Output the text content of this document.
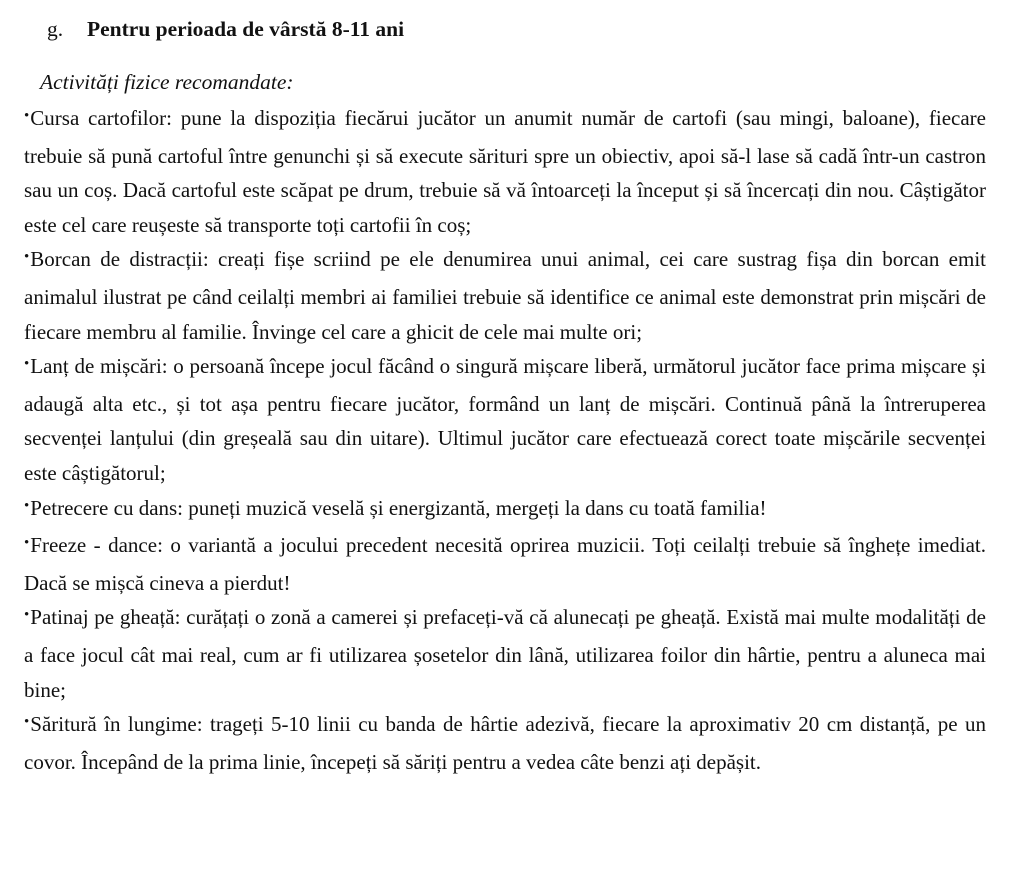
g. Pentru perioada de vârstă 8-11 ani
Activități fizice recomandate:

•Cursa cartofilor: pune la dispoziția fiecărui jucător un anumit număr de cartofi (sau mingi, baloane), fiecare trebuie să pună cartoful între genunchi și să execute sărituri spre un obiectiv, apoi să-l lase să cadă într-un castron sau un coș. Dacă cartoful este scăpat pe drum, trebuie să vă întoarceți la început și să încercați din nou. Câștigător este cel care reușeste să transporte toți cartofii în coș;

•Borcan de distracții: creați fișe scriind pe ele denumirea unui animal, cei care sustrag fișa din borcan emit animalul ilustrat pe când ceilalți membri ai familiei trebuie să identifice ce animal este demonstrat prin mișcări de fiecare membru al familie. Învinge cel care a ghicit de cele mai multe ori;

•Lanț de mișcări: o persoană începe jocul făcând o singură mișcare liberă, următorul jucător face prima mișcare și adaugă alta etc., și tot așa pentru fiecare jucător, formând un lanț de mișcări. Continuă până la întreruperea secvenței lanțului (din greșeală sau din uitare). Ultimul jucător care efectuează corect toate mișcările secvenței este câștigătorul;

•Petrecere cu dans: puneți muzică veselă și energizantă, mergeți la dans cu toată familia!

•Freeze - dance: o variantă a jocului precedent necesită oprirea muzicii. Toți ceilalți trebuie să înghețe imediat. Dacă se mișcă cineva a pierdut!

•Patinaj pe gheață: curățați o zonă a camerei și prefaceți-vă că alunecați pe gheață. Există mai multe modalități de a face jocul cât mai real, cum ar fi utilizarea șosetelor din lână, utilizarea foilor din hârtie, pentru a aluneca mai bine;

•Săritură în lungime: trageți 5-10 linii cu banda de hârtie adezivă, fiecare la aproximativ 20 cm distanță, pe un covor. Începând de la prima linie, începeți să săriți pentru a vedea câte benzi ați depășit.
